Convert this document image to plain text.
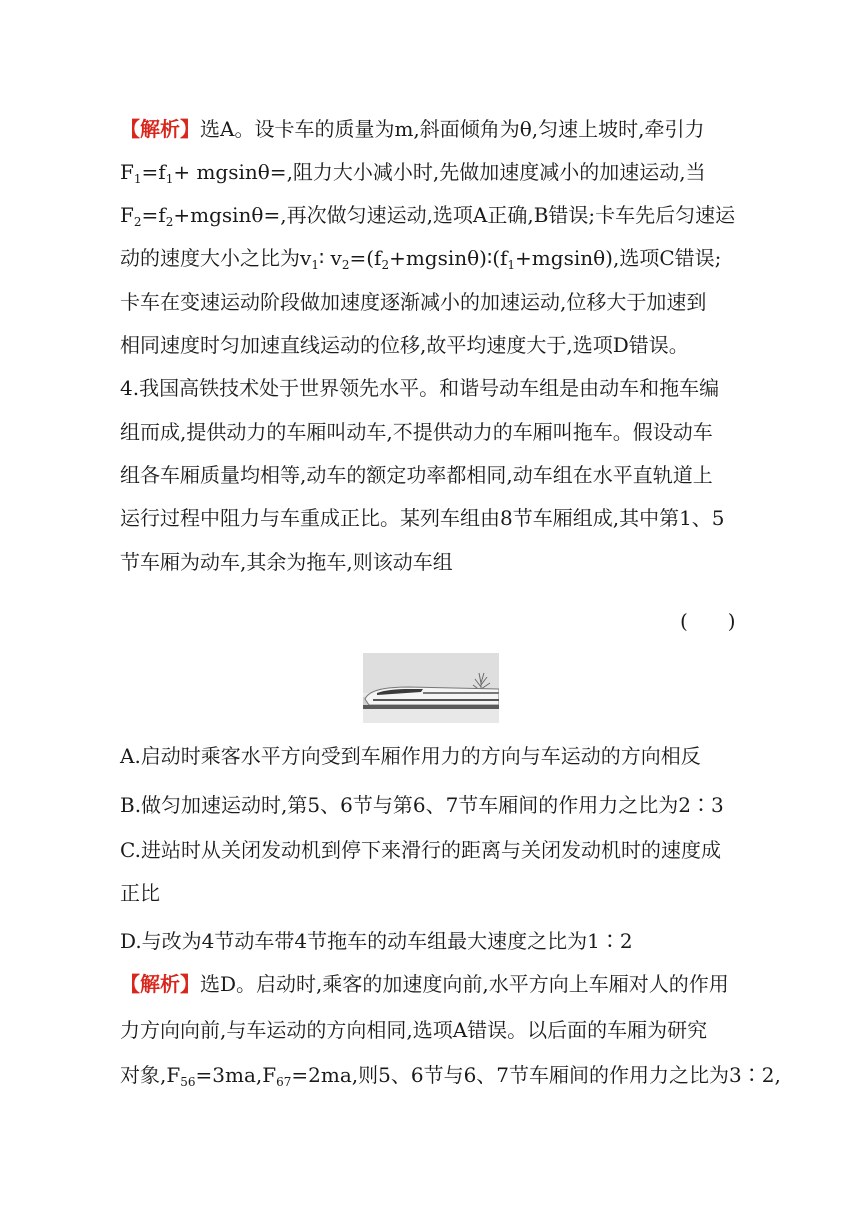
【解析】选A。设卡车的质量为m,斜面倾角为θ,匀速上坡时,牵引力
$F_1=f_1+ mgsin\theta=$,阻力大小减小时,先做加速度减小的加速运动,当
$F_2=f_2+mgsin\theta=$,再次做匀速运动,选项A正确,B错误;卡车先后匀速运
动的速度大小之比为$v_1∶$ $v_2=(f_2+mgsin\theta)∶(f_1+mgsin\theta)$,选项C错误;
卡车在变速运动阶段做加速度逐渐减小的加速运动,位移大于加速到
相同速度时匀加速直线运动的位移,故平均速度大于,选项D错误。
4.我国高铁技术处于世界领先水平。和谐号动车组是由动车和拖车编
组而成,提供动力的车厢叫动车,不提供动力的车厢叫拖车。假设动车
组各车厢质量均相等,动车的额定功率都相同,动车组在水平直轨道上
运行过程中阻力与车重成正比。某列车组由8节车厢组成,其中第1、5
节车厢为动车,其余为拖车,则该动车组
(　　)
A.启动时乘客水平方向受到车厢作用力的方向与车运动的方向相反
B.做匀加速运动时,第5、6节与第6、7节车厢间的作用力之比为2∶3
C.进站时从关闭发动机到停下来滑行的距离与关闭发动机时的速度成
正比
D.与改为4节动车带4节拖车的动车组最大速度之比为1∶2
【解析】选D。启动时,乘客的加速度向前,水平方向上车厢对人的作用
力方向向前,与车运动的方向相同,选项A错误。以后面的车厢为研究
对象$,F_{56}=3ma,F_{67}=2ma$,则5、6节与6、7节车厢间的作用力之比为3∶2,
